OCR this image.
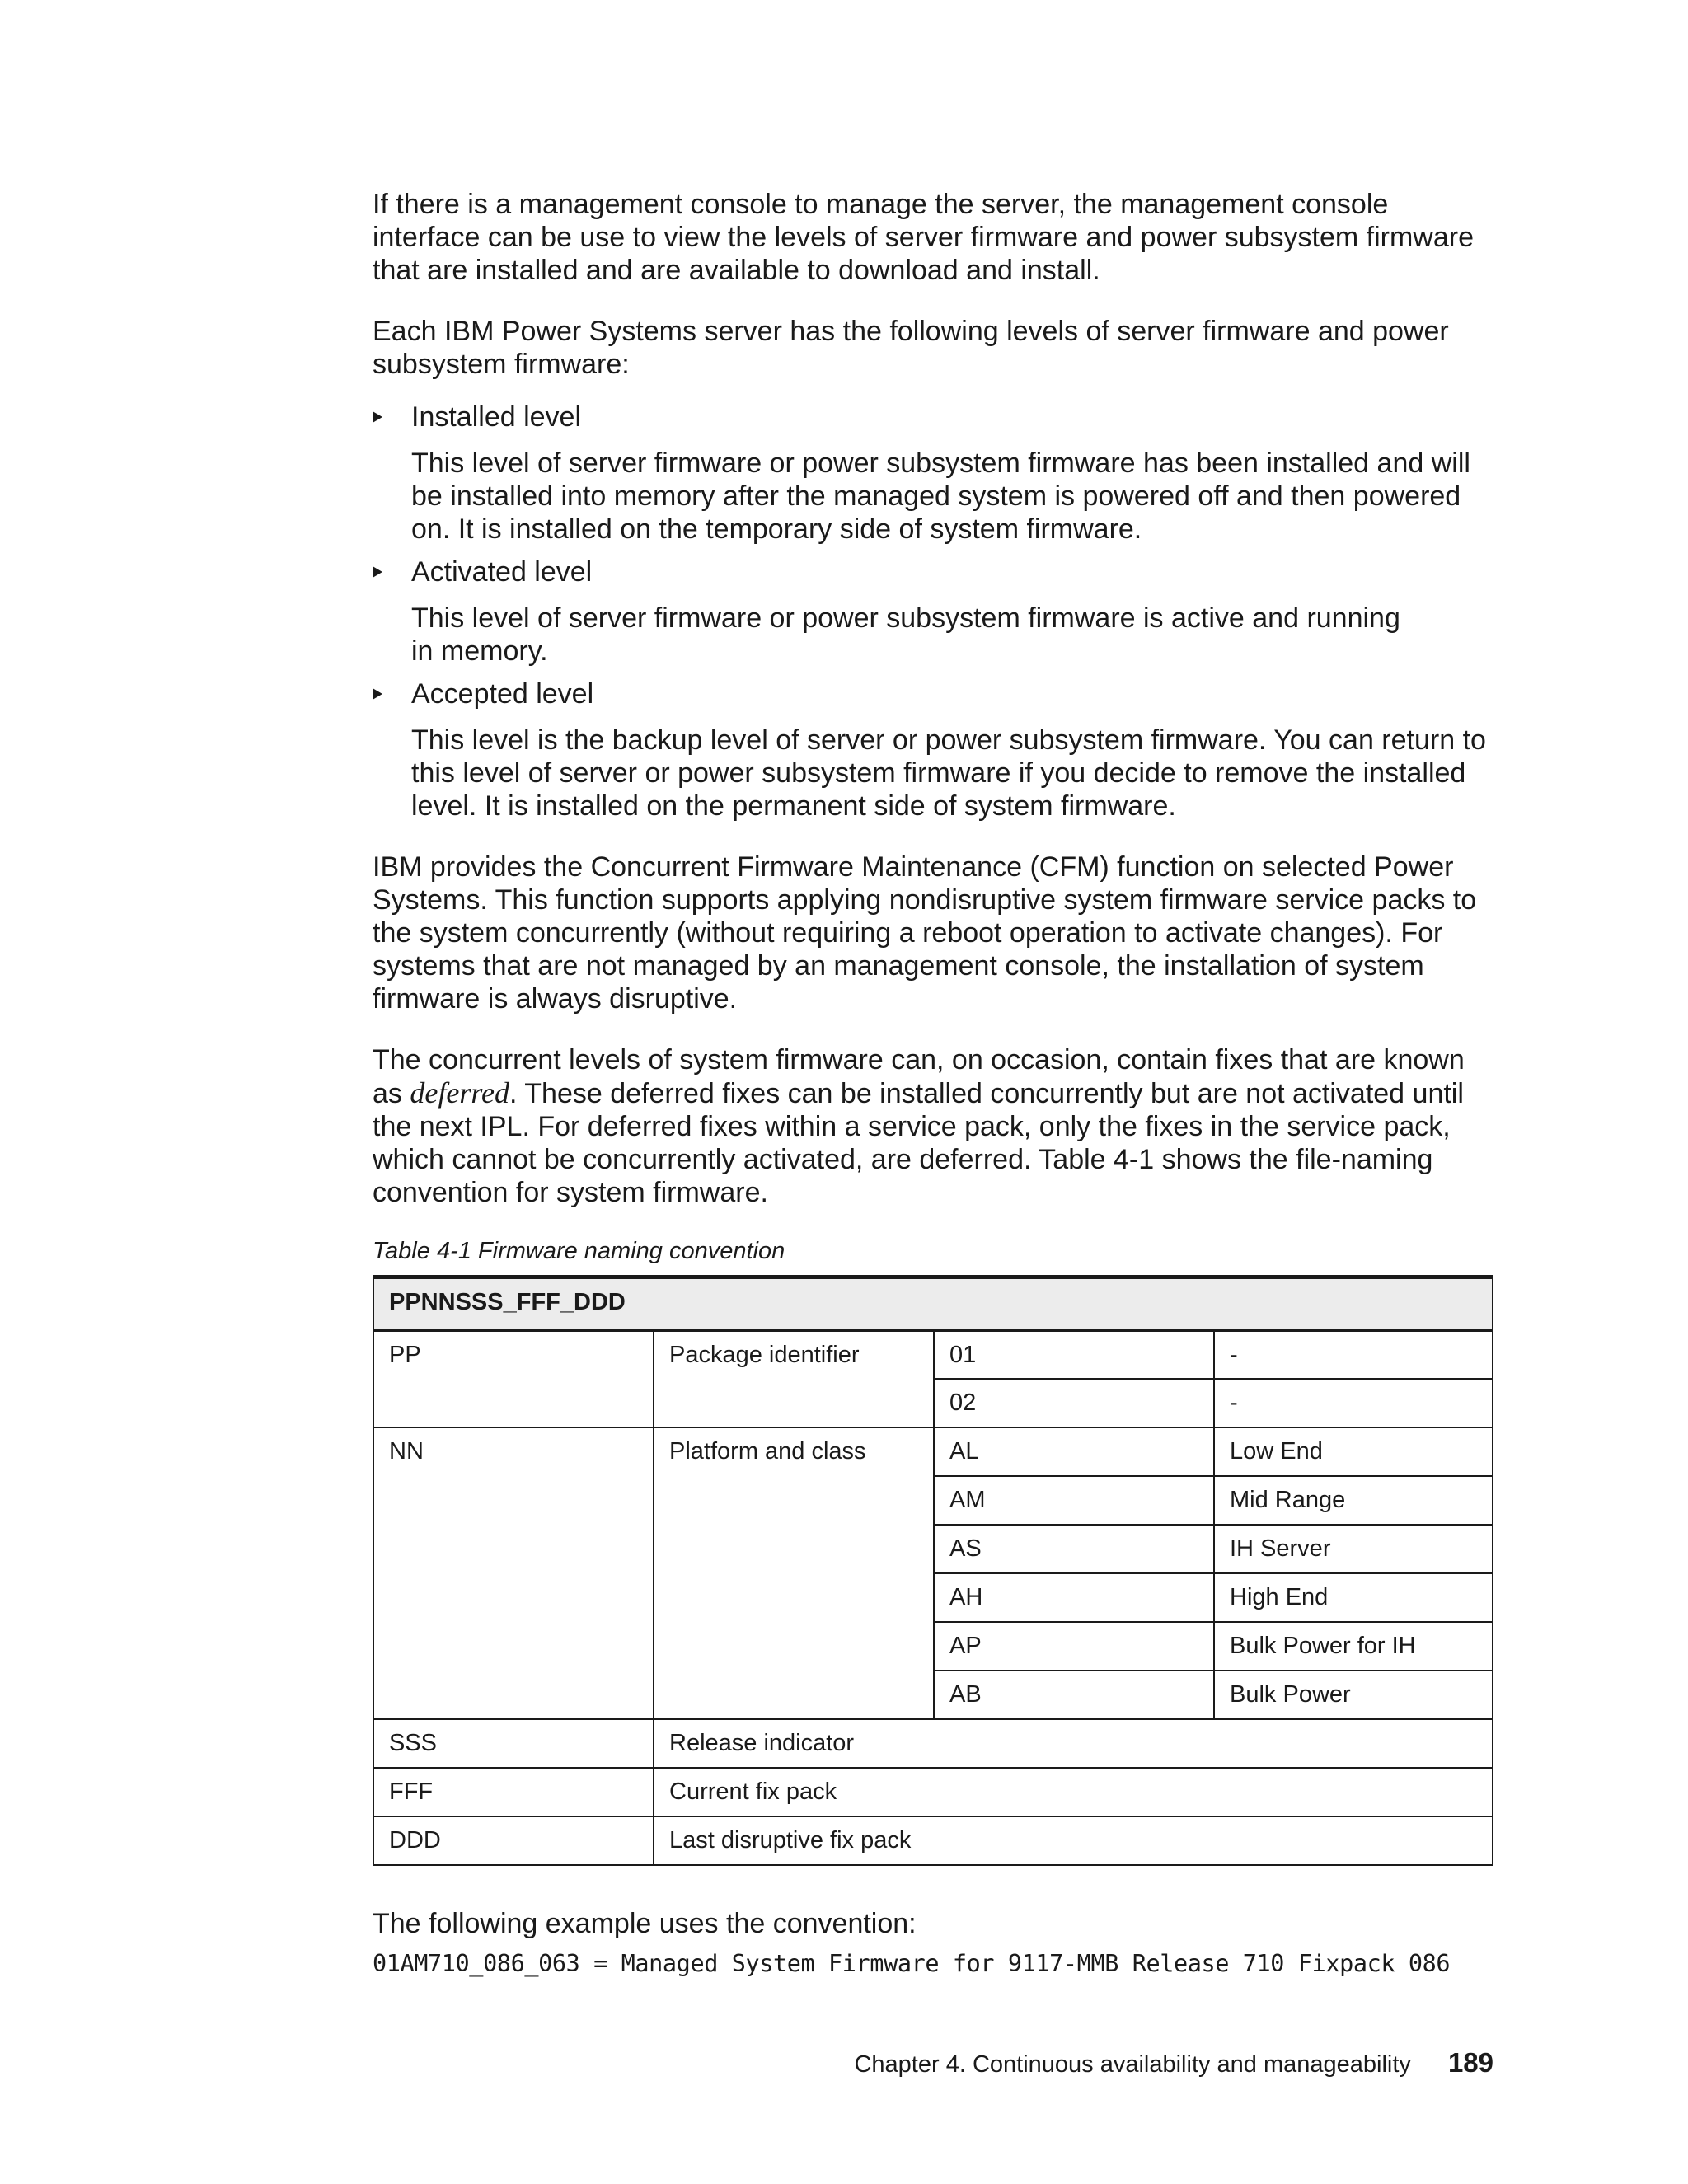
If there is a management console to manage the server, the management console interface can be use to view the levels of server firmware and power subsystem firmware that are installed and are available to download and install.

Each IBM Power Systems server has the following levels of server firmware and power subsystem firmware:

Installed level
This level of server firmware or power subsystem firmware has been installed and will be installed into memory after the managed system is powered off and then powered on. It is installed on the temporary side of system firmware.
Activated level
This level of server firmware or power subsystem firmware is active and running in memory.
Accepted level
This level is the backup level of server or power subsystem firmware. You can return to this level of server or power subsystem firmware if you decide to remove the installed level. It is installed on the permanent side of system firmware.

IBM provides the Concurrent Firmware Maintenance (CFM) function on selected Power Systems. This function supports applying nondisruptive system firmware service packs to the system concurrently (without requiring a reboot operation to activate changes). For systems that are not managed by an management console, the installation of system firmware is always disruptive.

The concurrent levels of system firmware can, on occasion, contain fixes that are known as deferred. These deferred fixes can be installed concurrently but are not activated until the next IPL. For deferred fixes within a service pack, only the fixes in the service pack, which cannot be concurrently activated, are deferred. Table 4-1 shows the file-naming convention for system firmware.

Table 4-1 Firmware naming convention
PPNNSSS_FFF_DDD			
PP	Package identifier	01	-
		02	-
NN	Platform and class	AL	Low End
		AM	Mid Range
		AS	IH Server
		AH	High End
		AP	Bulk Power for IH
		AB	Bulk Power
SSS	Release indicator		
FFF	Current fix pack		
DDD	Last disruptive fix pack		

The following example uses the convention:

01AM710_086_063 = Managed System Firmware for 9117-MMB Release 710 Fixpack 086
Chapter 4. Continuous availability and manageability 189
